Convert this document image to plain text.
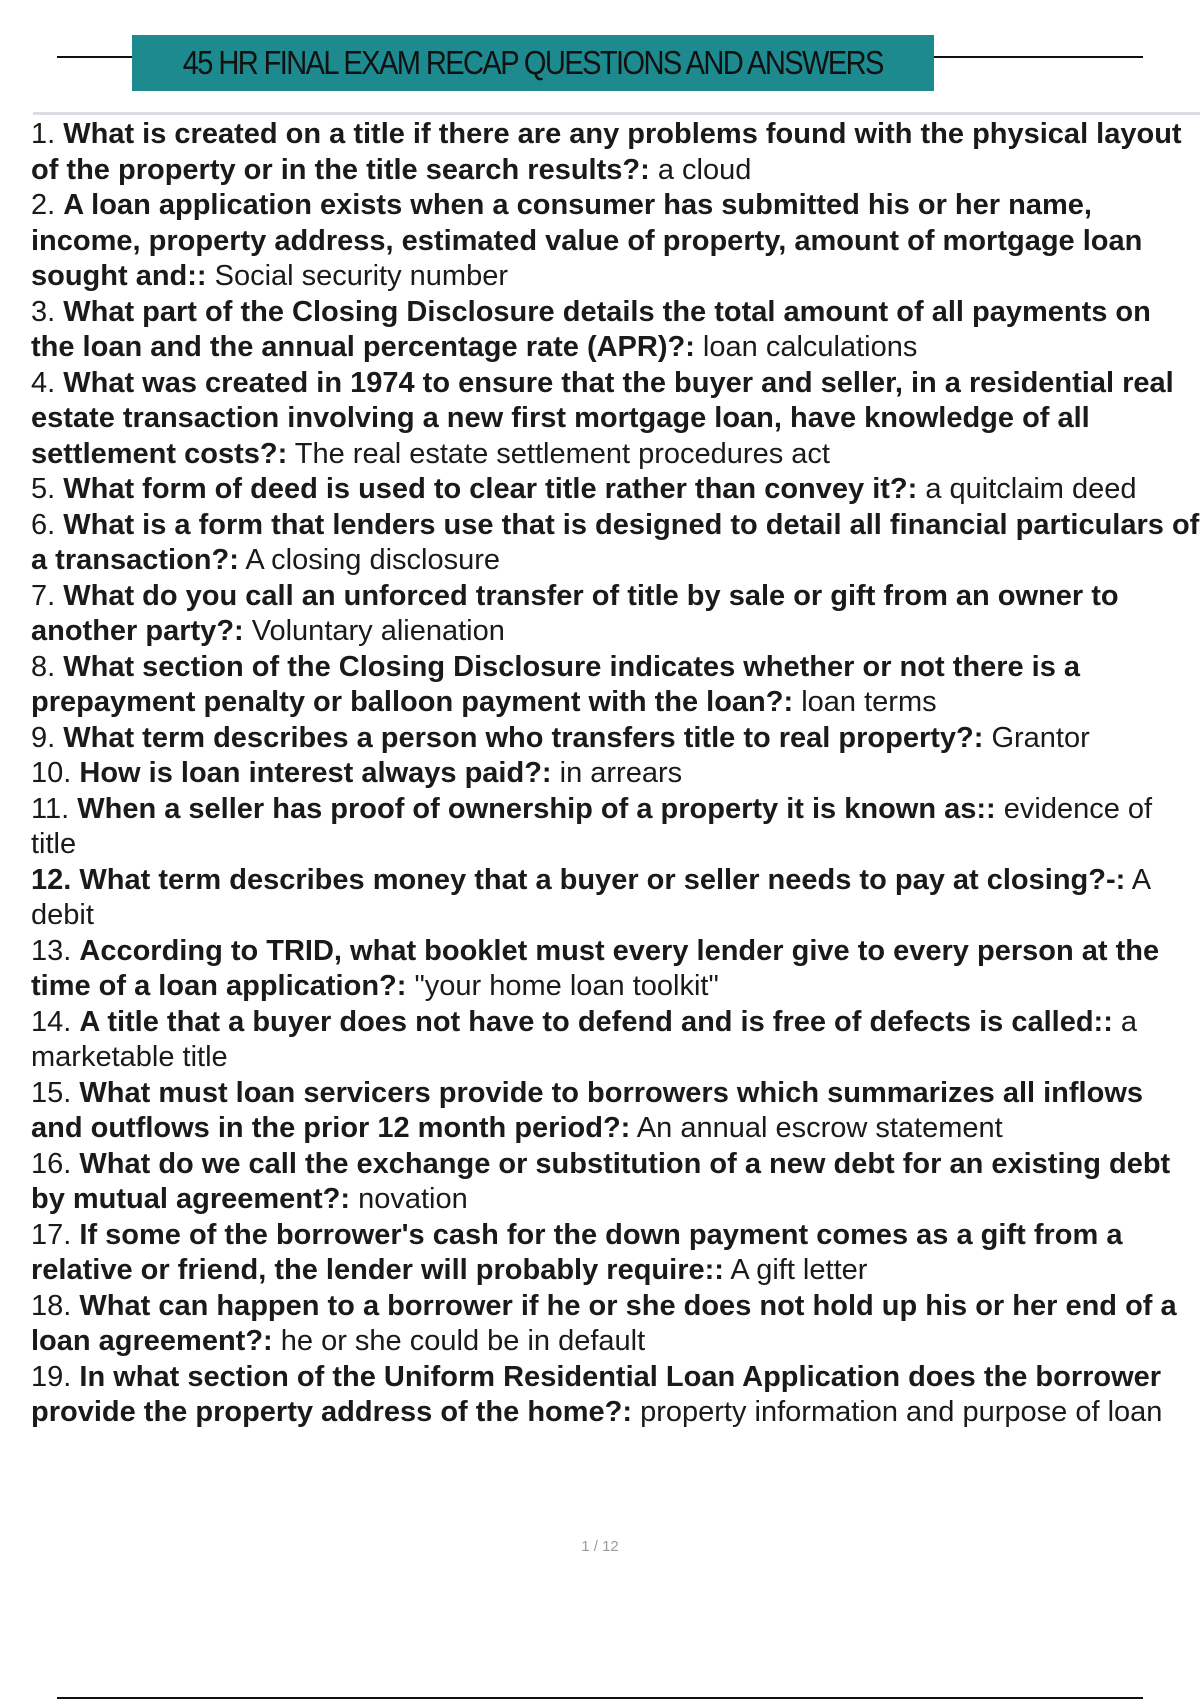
45 HR FINAL EXAM RECAP QUESTIONS AND ANSWERS
1. What is created on a title if there are any problems found with the physical layout of the property or in the title search results?: a cloud
2. A loan application exists when a consumer has submitted his or her name, income, property address, estimated value of property, amount of mortgage loan sought and:: Social security number
3. What part of the Closing Disclosure details the total amount of all payments on the loan and the annual percentage rate (APR)?: loan calculations
4. What was created in 1974 to ensure that the buyer and seller, in a residential real estate transaction involving a new first mortgage loan, have knowledge of all settlement costs?: The real estate settlement procedures act
5. What form of deed is used to clear title rather than convey it?: a quitclaim deed
6. What is a form that lenders use that is designed to detail all financial particulars of a transaction?: A closing disclosure
7. What do you call an unforced transfer of title by sale or gift from an owner to another party?: Voluntary alienation
8. What section of the Closing Disclosure indicates whether or not there is a prepayment penalty or balloon payment with the loan?: loan terms
9. What term describes a person who transfers title to real property?: Grantor
10. How is loan interest always paid?: in arrears
11. When a seller has proof of ownership of a property it is known as:: evidence of title
12. What term describes money that a buyer or seller needs to pay at closing?-: A debit
13. According to TRID, what booklet must every lender give to every person at the time of a loan application?: "your home loan toolkit"
14. A title that a buyer does not have to defend and is free of defects is called:: a marketable title
15. What must loan servicers provide to borrowers which summarizes all inflows and outflows in the prior 12 month period?: An annual escrow statement
16. What do we call the exchange or substitution of a new debt for an existing debt by mutual agreement?: novation
17. If some of the borrower's cash for the down payment comes as a gift from a relative or friend, the lender will probably require:: A gift letter
18. What can happen to a borrower if he or she does not hold up his or her end of a loan agreement?: he or she could be in default
19. In what section of the Uniform Residential Loan Application does the borrower provide the property address of the home?: property information and purpose of loan
1 / 12
